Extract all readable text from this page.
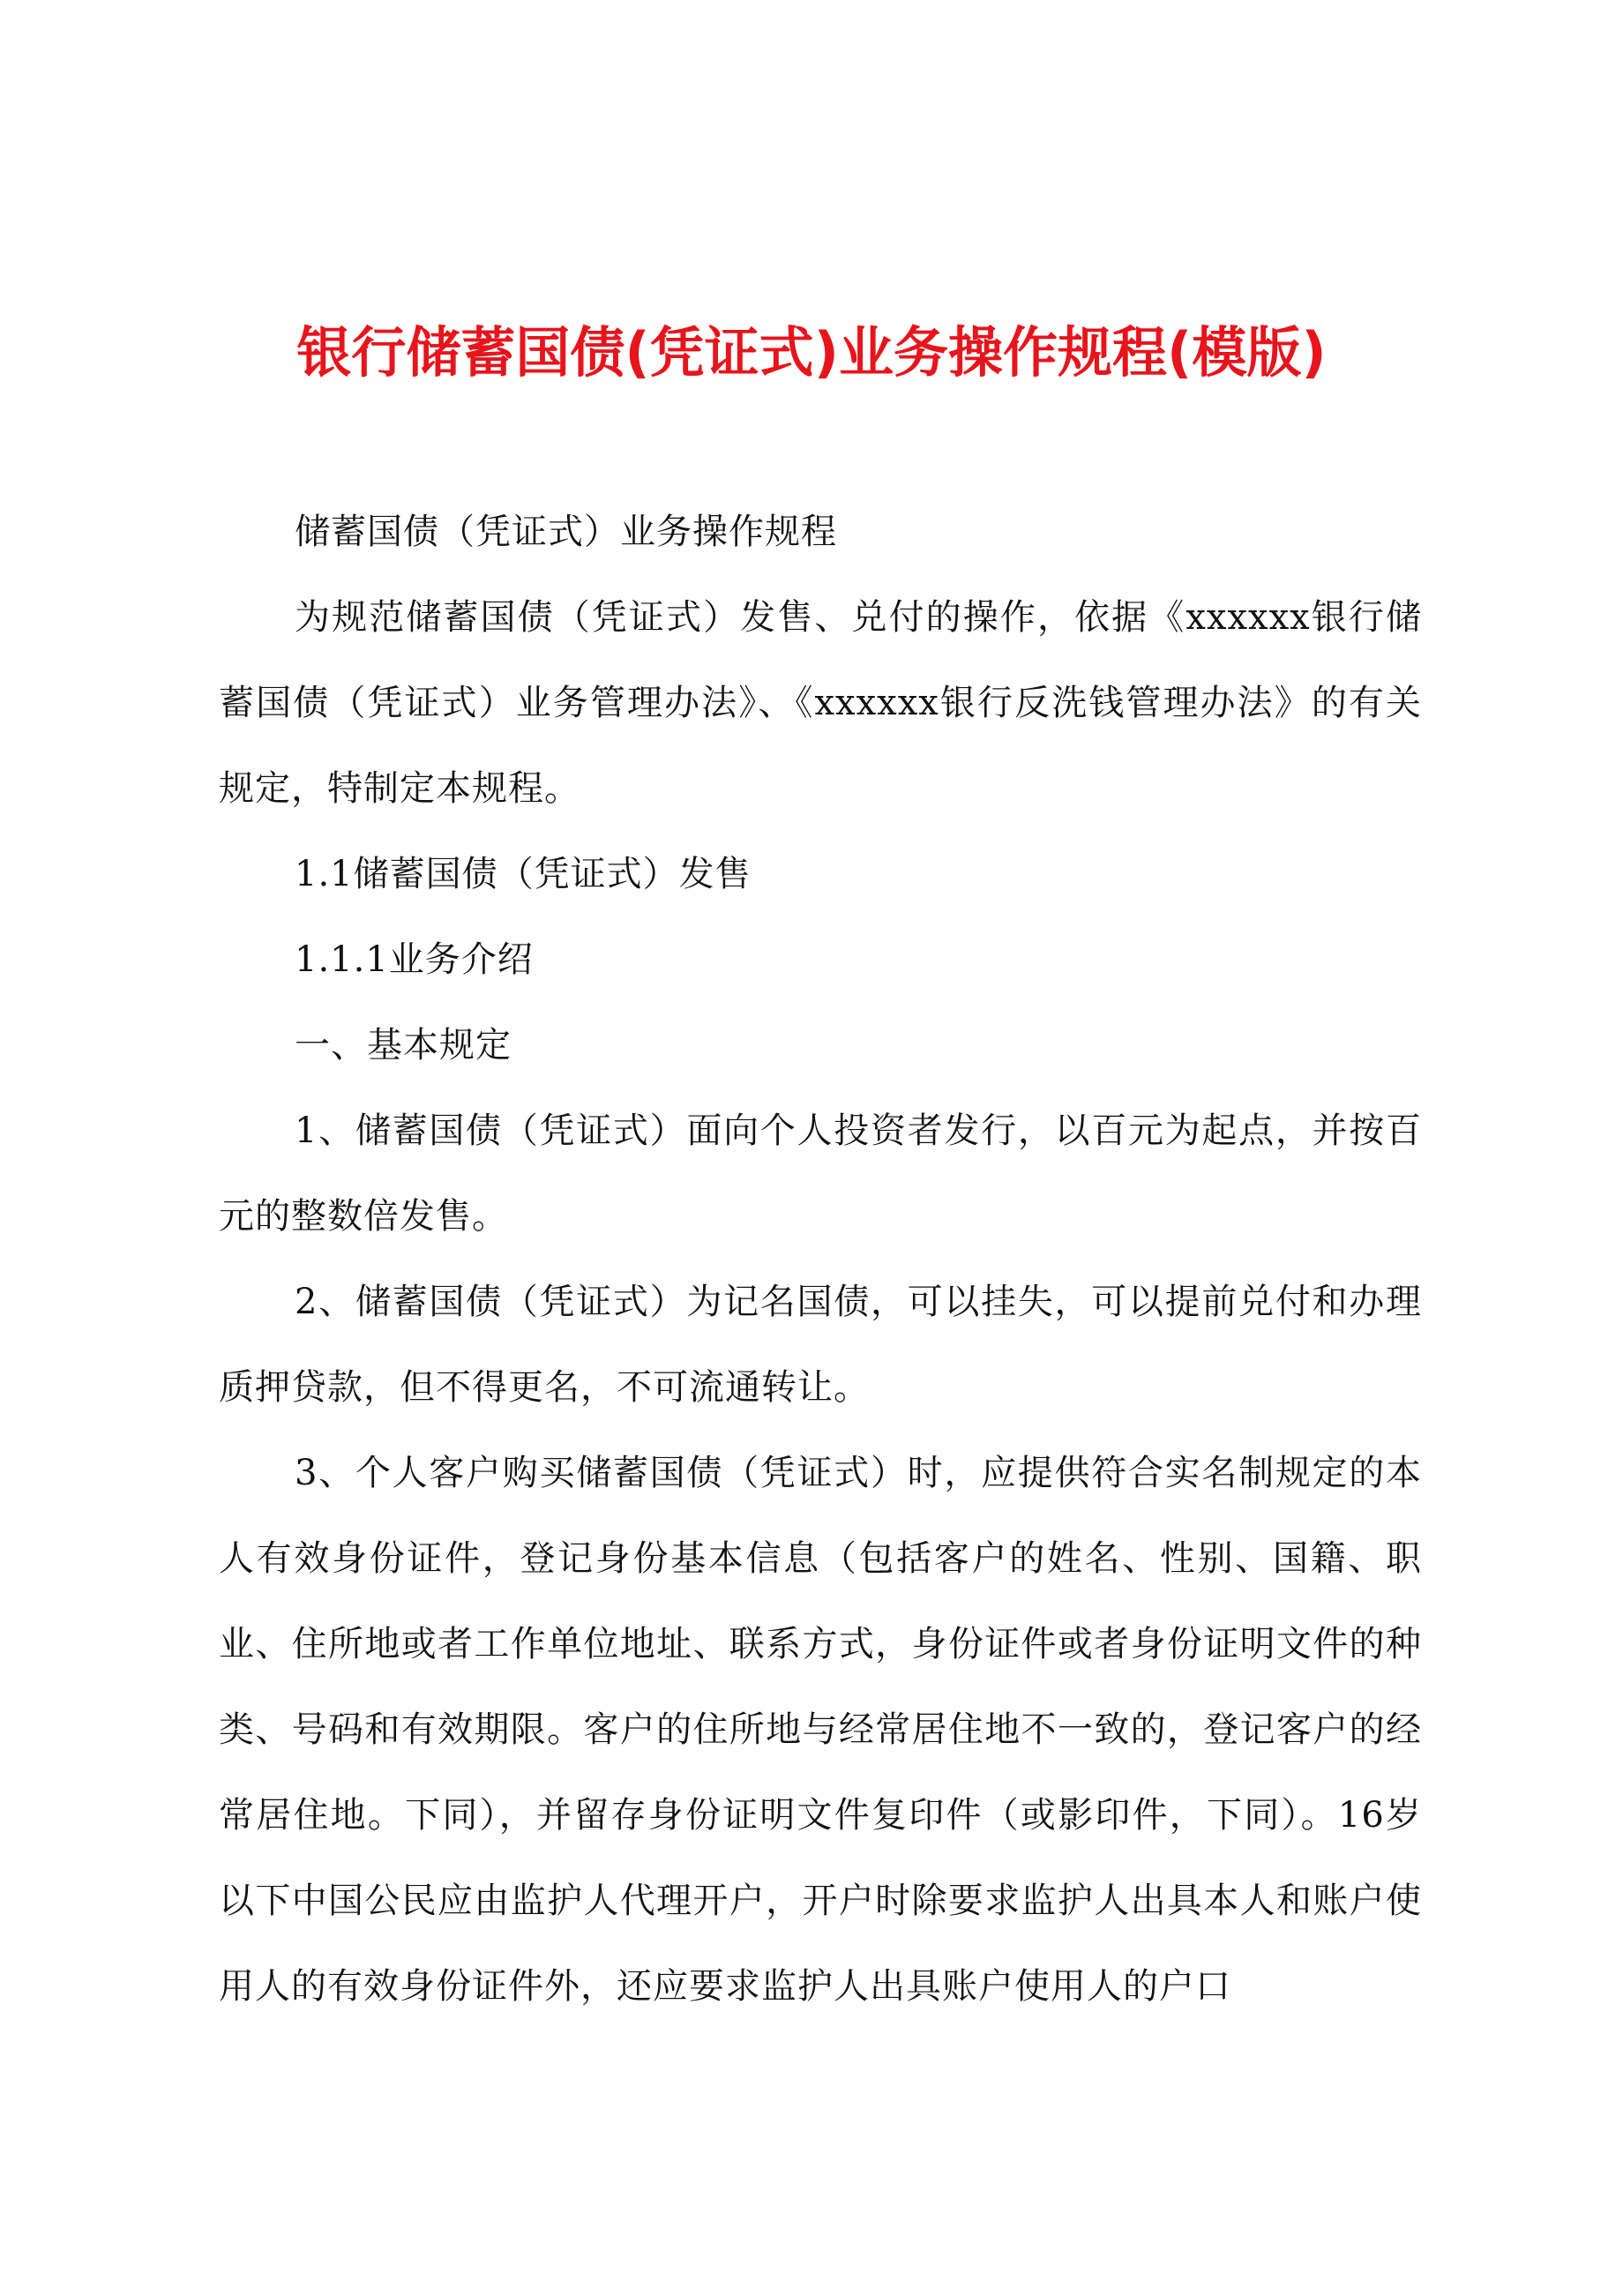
银行储蓄国债(凭证式)业务操作规程(模版)

储蓄国债（凭证式）业务操作规程

为规范储蓄国债（凭证式）发售、兑付的操作，依据《xxxxxx银行储蓄国债（凭证式）业务管理办法》、《xxxxxx银行反洗钱管理办法》的有关规定，特制定本规程。

1.1储蓄国债（凭证式）发售

1.1.1业务介绍

一、基本规定

1、储蓄国债（凭证式）面向个人投资者发行，以百元为起点，并按百元的整数倍发售。

2、储蓄国债（凭证式）为记名国债，可以挂失，可以提前兑付和办理质押贷款，但不得更名，不可流通转让。

3、个人客户购买储蓄国债（凭证式）时，应提供符合实名制规定的本人有效身份证件，登记身份基本信息（包括客户的姓名、性别、国籍、职业、住所地或者工作单位地址、联系方式，身份证件或者身份证明文件的种类、号码和有效期限。客户的住所地与经常居住地不一致的，登记客户的经常居住地。下同），并留存身份证明文件复印件（或影印件，下同）。16岁以下中国公民应由监护人代理开户，开户时除要求监护人出具本人和账户使用人的有效身份证件外，还应要求监护人出具账户使用人的户口
